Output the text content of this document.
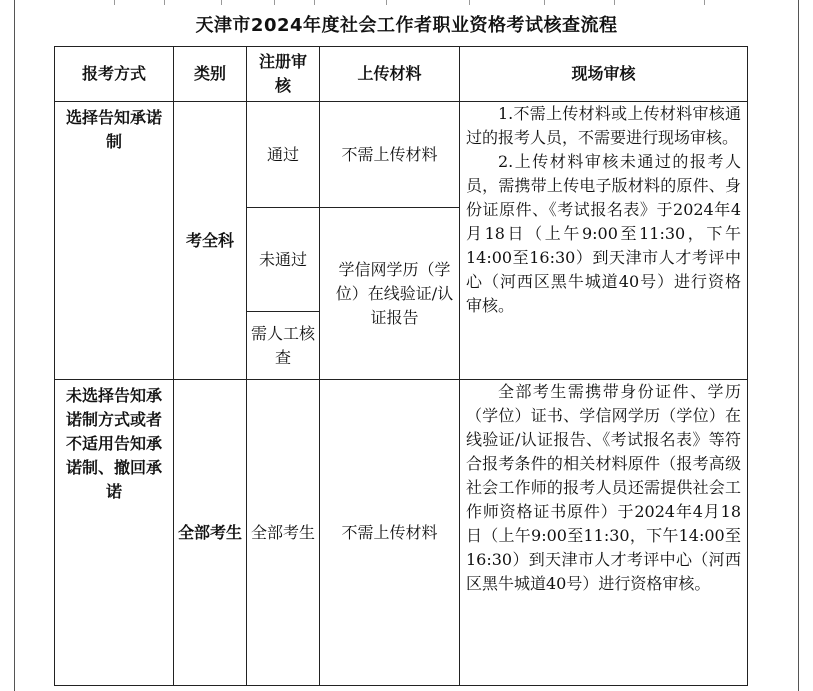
天津市2024年度社会工作者职业资格考试核查流程
报考方式	类别	注册审核	上传材料	现场审核
选择告知承诺制	考全科	通过	不需上传材料	1.不需上传材料或上传材料审核通过的报考人员，不需要进行现场审核。

2.上传材料审核未通过的报考人员，需携带上传电子版材料的原件、身份证原件、《考试报名表》于2024年4月18日（上午9:00至11:30，下午14:00至16:30）到天津市人才考评中心（河西区黑牛城道40号）进行资格审核。

		未通过	学信网学历（学位）在线验证/认证报告	
		需人工核查		
未选择告知承诺制方式或者不适用告知承诺制、撤回承诺	全部考生	全部考生	不需上传材料	全部考生需携带身份证件、学历（学位）证书、学信网学历（学位）在线验证/认证报告、《考试报名表》等符合报考条件的相关材料原件（报考高级社会工作师的报考人员还需提供社会工作师资格证书原件）于2024年4月18日（上午9:00至11:30，下午14:00至16:30）到天津市人才考评中心（河西区黑牛城道40号）进行资格审核。
